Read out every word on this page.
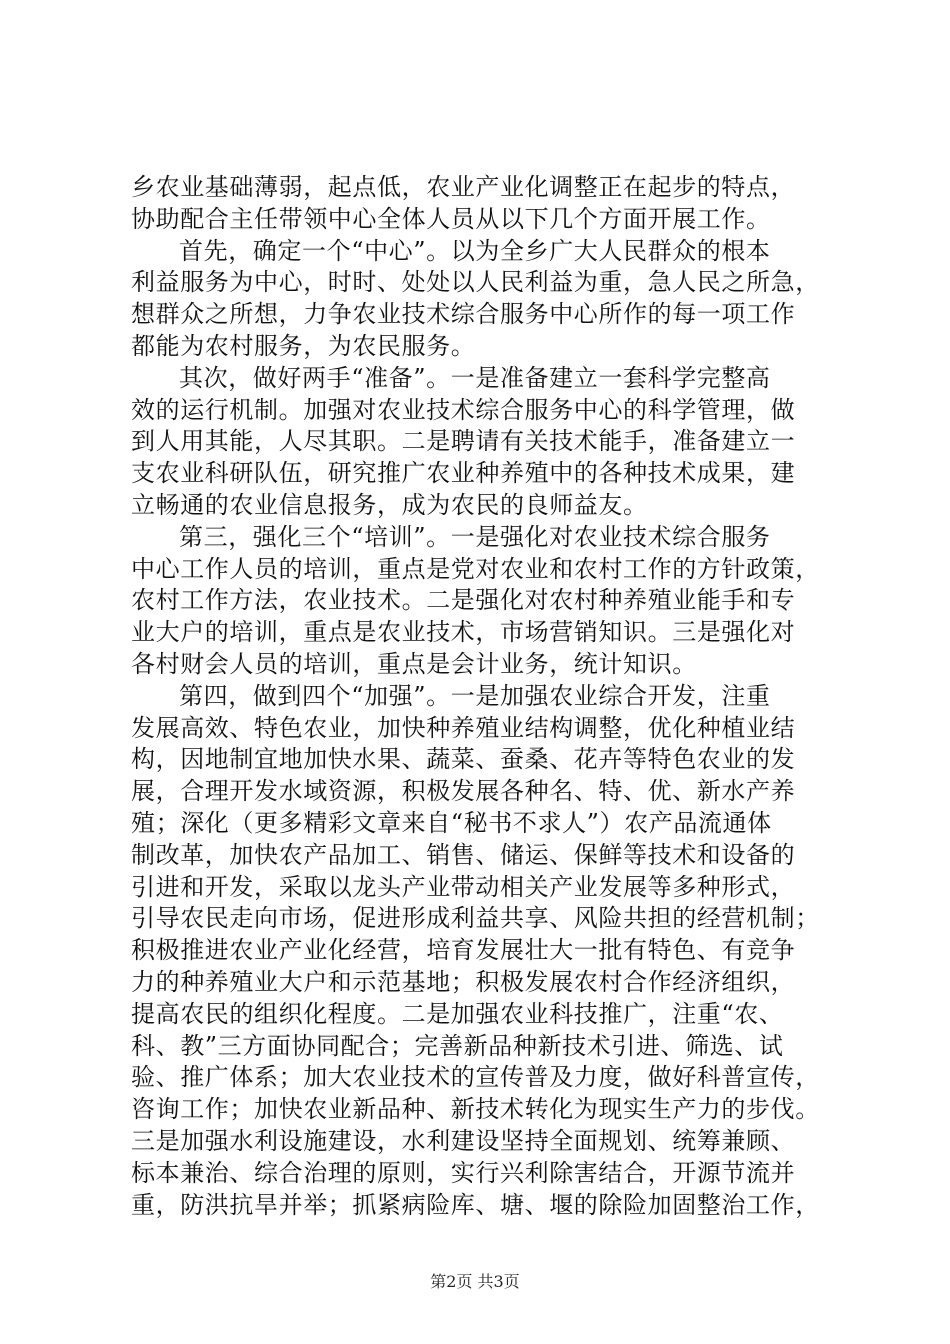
乡农业基础薄弱，起点低，农业产业化调整正在起步的特点，
协助配合主任带领中心全体人员从以下几个方面开展工作。
首先，确定一个“中心”。以为全乡广大人民群众的根本
利益服务为中心，时时、处处以人民利益为重，急人民之所急，
想群众之所想，力争农业技术综合服务中心所作的每一项工作
都能为农村服务，为农民服务。
其次，做好两手“准备”。一是准备建立一套科学完整高
效的运行机制。加强对农业技术综合服务中心的科学管理，做
到人用其能，人尽其职。二是聘请有关技术能手，准备建立一
支农业科研队伍，研究推广农业种养殖中的各种技术成果，建
立畅通的农业信息报务，成为农民的良师益友。
第三，强化三个“培训”。一是强化对农业技术综合服务
中心工作人员的培训，重点是党对农业和农村工作的方针政策，
农村工作方法，农业技术。二是强化对农村种养殖业能手和专
业大户的培训，重点是农业技术，市场营销知识。三是强化对
各村财会人员的培训，重点是会计业务，统计知识。
第四，做到四个“加强”。一是加强农业综合开发，注重
发展高效、特色农业，加快种养殖业结构调整，优化种植业结
构，因地制宜地加快水果、蔬菜、蚕桑、花卉等特色农业的发
展，合理开发水域资源，积极发展各种名、特、优、新水产养
殖；深化（更多精彩文章来自“秘书不求人”）农产品流通体
制改革，加快农产品加工、销售、储运、保鲜等技术和设备的
引进和开发，采取以龙头产业带动相关产业发展等多种形式，
引导农民走向市场，促进形成利益共享、风险共担的经营机制；
积极推进农业产业化经营，培育发展壮大一批有特色、有竞争
力的种养殖业大户和示范基地；积极发展农村合作经济组织，
提高农民的组织化程度。二是加强农业科技推广，注重“农、
科、教”三方面协同配合；完善新品种新技术引进、筛选、试
验、推广体系；加大农业技术的宣传普及力度，做好科普宣传，
咨询工作；加快农业新品种、新技术转化为现实生产力的步伐。
三是加强水利设施建设，水利建设坚持全面规划、统筹兼顾、
标本兼治、综合治理的原则，实行兴利除害结合，开源节流并
重，防洪抗旱并举；抓紧病险库、塘、堰的除险加固整治工作，
第2页 共3页
